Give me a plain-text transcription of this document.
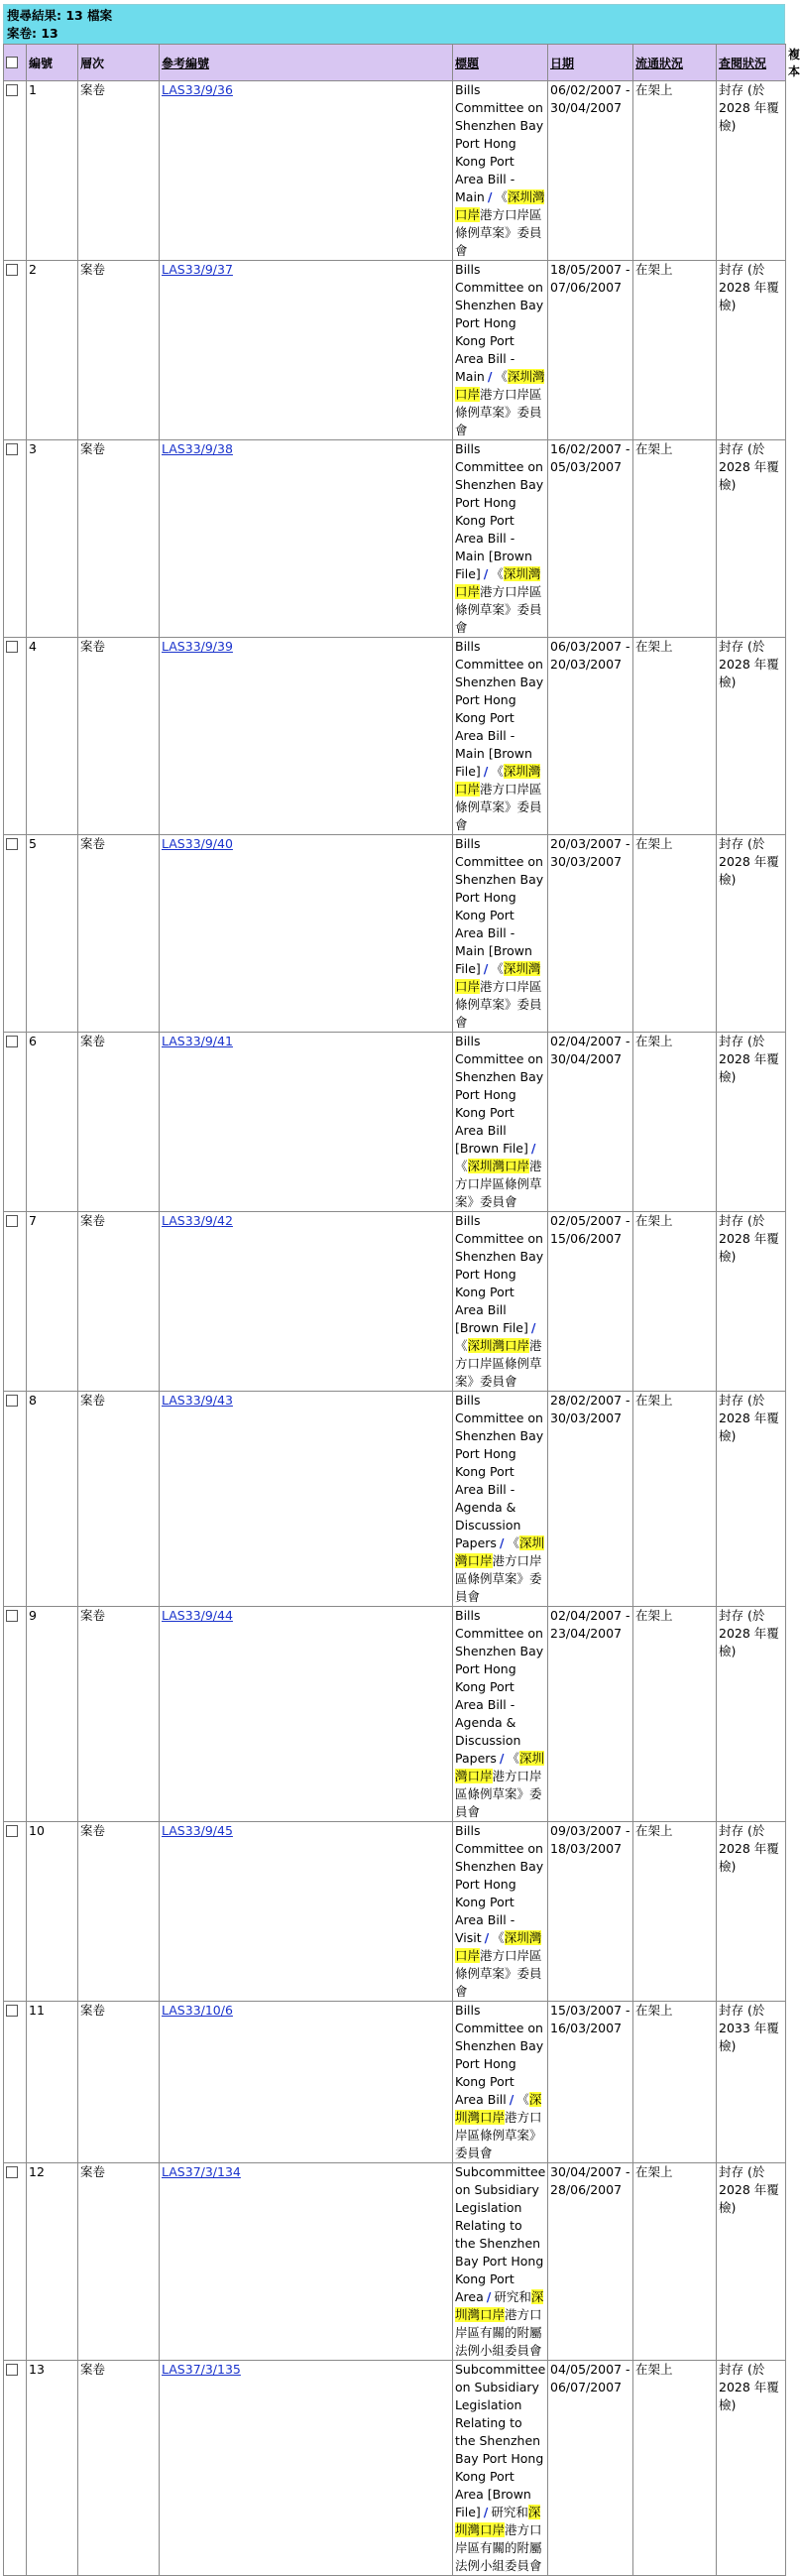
搜尋結果: 13 檔案
案卷: 13
	編號	層次	參考編號	標題	日期	流通狀況	查閱狀況	複本
	1	案卷	LAS33/9/36	Bills Committee on Shenzhen Bay Port Hong Kong Port Area Bill - Main / 《深圳灣口岸港方口岸區條例草案》委員會	06/02/2007 - 30/04/2007	在架上	封存 (於 2028 年覆檢)	
	2	案卷	LAS33/9/37	Bills Committee on Shenzhen Bay Port Hong Kong Port Area Bill - Main / 《深圳灣口岸港方口岸區條例草案》委員會	18/05/2007 - 07/06/2007	在架上	封存 (於 2028 年覆檢)	
	3	案卷	LAS33/9/38	Bills Committee on Shenzhen Bay Port Hong Kong Port Area Bill - Main [Brown File] / 《深圳灣口岸港方口岸區條例草案》委員會	16/02/2007 - 05/03/2007	在架上	封存 (於 2028 年覆檢)	
	4	案卷	LAS33/9/39	Bills Committee on Shenzhen Bay Port Hong Kong Port Area Bill - Main [Brown File] / 《深圳灣口岸港方口岸區條例草案》委員會	06/03/2007 - 20/03/2007	在架上	封存 (於 2028 年覆檢)	
	5	案卷	LAS33/9/40	Bills Committee on Shenzhen Bay Port Hong Kong Port Area Bill - Main [Brown File] / 《深圳灣口岸港方口岸區條例草案》委員會	20/03/2007 - 30/03/2007	在架上	封存 (於 2028 年覆檢)	
	6	案卷	LAS33/9/41	Bills Committee on Shenzhen Bay Port Hong Kong Port Area Bill [Brown File] /《深圳灣口岸港方口岸區條例草案》委員會	02/04/2007 - 30/04/2007	在架上	封存 (於 2028 年覆檢)	
	7	案卷	LAS33/9/42	Bills Committee on Shenzhen Bay Port Hong Kong Port Area Bill [Brown File] /《深圳灣口岸港方口岸區條例草案》委員會	02/05/2007 - 15/06/2007	在架上	封存 (於 2028 年覆檢)	
	8	案卷	LAS33/9/43	Bills Committee on Shenzhen Bay Port Hong Kong Port Area Bill - Agenda & Discussion Papers / 《深圳灣口岸港方口岸區條例草案》委員會	28/02/2007 - 30/03/2007	在架上	封存 (於 2028 年覆檢)	
	9	案卷	LAS33/9/44	Bills Committee on Shenzhen Bay Port Hong Kong Port Area Bill - Agenda & Discussion Papers / 《深圳灣口岸港方口岸區條例草案》委員會	02/04/2007 - 23/04/2007	在架上	封存 (於 2028 年覆檢)	
	10	案卷	LAS33/9/45	Bills Committee on Shenzhen Bay Port Hong Kong Port Area Bill - Visit / 《深圳灣口岸港方口岸區條例草案》委員會	09/03/2007 - 18/03/2007	在架上	封存 (於 2028 年覆檢)	
	11	案卷	LAS33/10/6	Bills Committee on Shenzhen Bay Port Hong Kong Port Area Bill / 《深圳灣口岸港方口岸區條例草案》委員會	15/03/2007 - 16/03/2007	在架上	封存 (於 2033 年覆檢)	
	12	案卷	LAS37/3/134	Subcommittee on Subsidiary Legislation Relating to the Shenzhen Bay Port Hong Kong Port Area / 研究和深圳灣口岸港方口岸區有關的附屬法例小組委員會	30/04/2007 - 28/06/2007	在架上	封存 (於 2028 年覆檢)	
	13	案卷	LAS37/3/135	Subcommittee on Subsidiary Legislation Relating to the Shenzhen Bay Port Hong Kong Port Area [Brown File] / 研究和深圳灣口岸港方口岸區有關的附屬法例小組委員會	04/05/2007 - 06/07/2007	在架上	封存 (於 2028 年覆檢)	
